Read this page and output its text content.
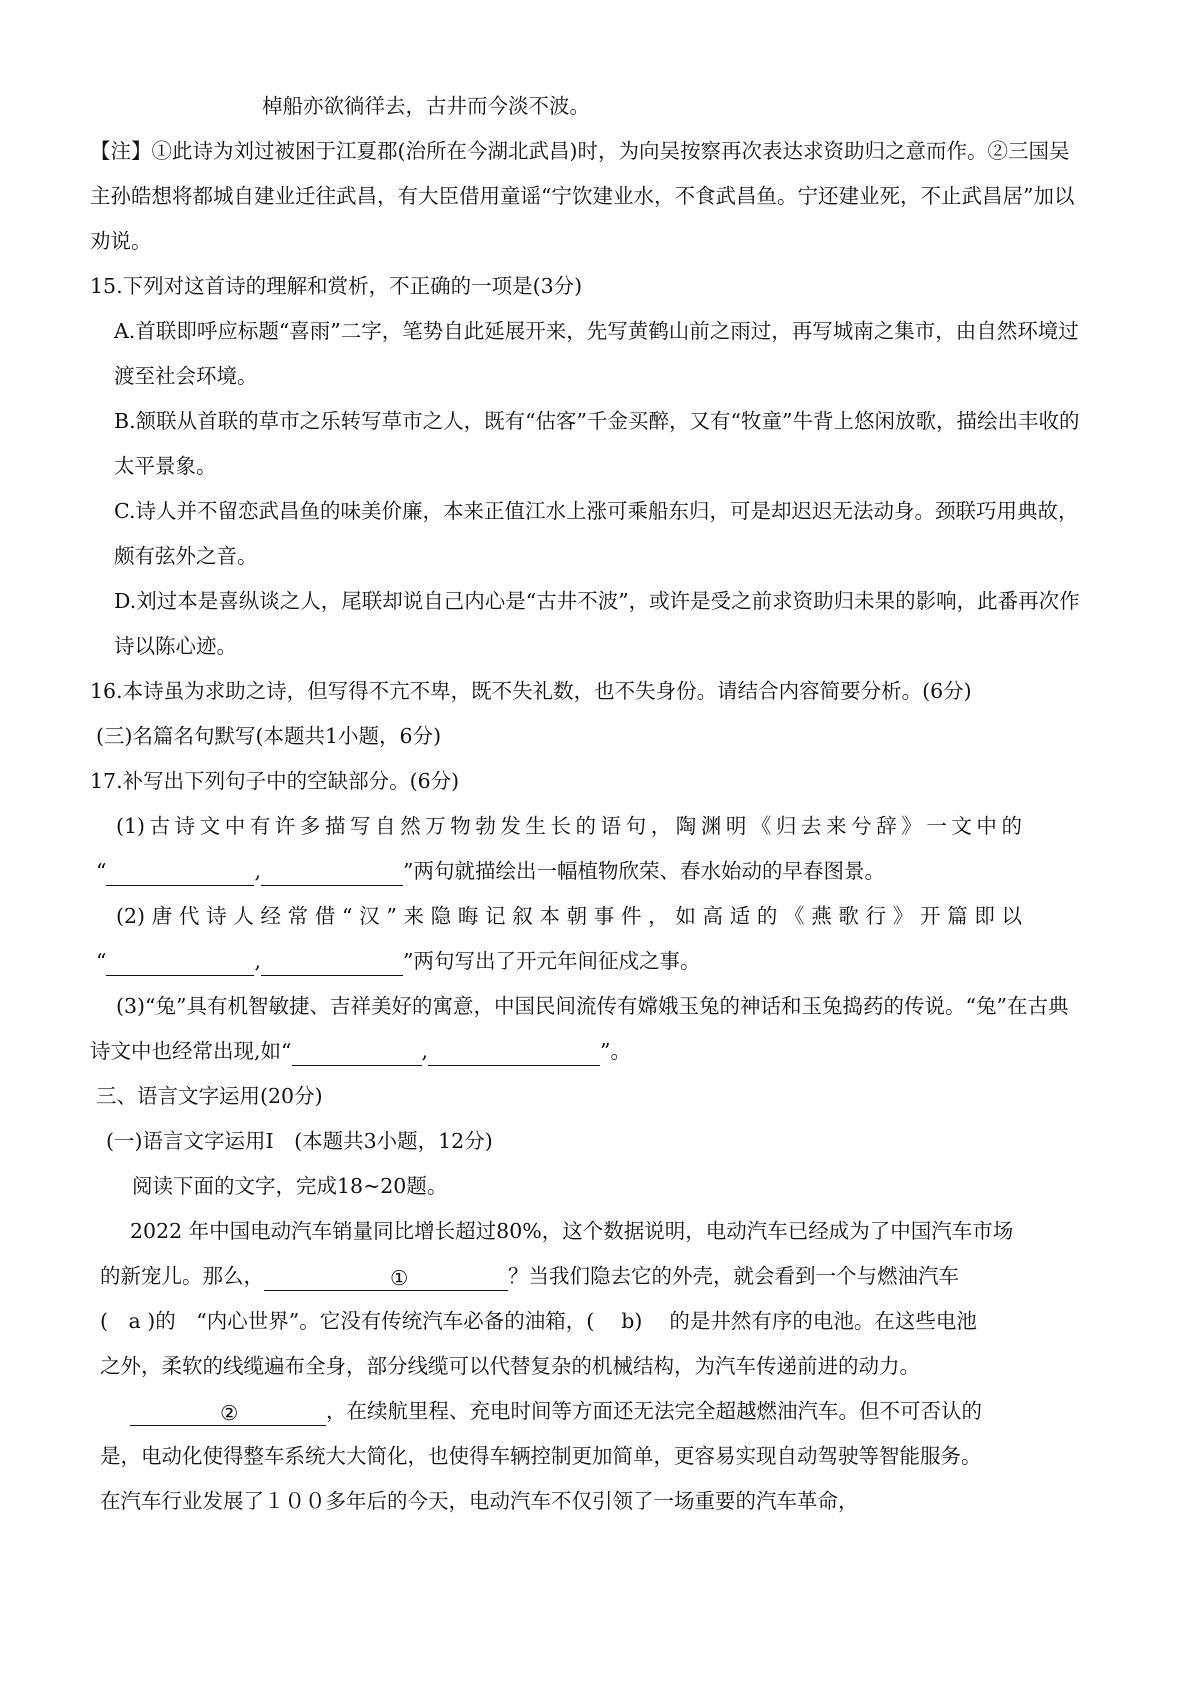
棹船亦欲徜徉去，古井而今淡不波。
【注】①此诗为刘过被困于江夏郡(治所在今湖北武昌)时，为向吴按察再次表达求资助归之意而作。②三国吴
主孙皓想将都城自建业迁往武昌，有大臣借用童谣“宁饮建业水，不食武昌鱼。宁还建业死，不止武昌居”加以
劝说。
15.下列对这首诗的理解和赏析，不正确的一项是(3分)
A.首联即呼应标题“喜雨”二字，笔势自此延展开来，先写黄鹤山前之雨过，再写城南之集市，由自然环境过
渡至社会环境。
B.颔联从首联的草市之乐转写草市之人，既有“估客”千金买醉，又有“牧童”牛背上悠闲放歌，描绘出丰收的
太平景象。
C.诗人并不留恋武昌鱼的味美价廉，本来正值江水上涨可乘船东归，可是却迟迟无法动身。颈联巧用典故，
颇有弦外之音。
D.刘过本是喜纵谈之人，尾联却说自己内心是“古井不波”，或许是受之前求资助归未果的影响，此番再次作
诗以陈心迹。
16.本诗虽为求助之诗，但写得不亢不卑，既不失礼数，也不失身份。请结合内容简要分析。(6分)
(三)名篇名句默写(本题共1小题，6分)
17.补写出下列句子中的空缺部分。(6分)
(1)古诗文中有许多描写自然万物勃发生长的语句，陶渊明《归去来兮辞》一文中的
“	,	”两句就描绘出一幅植物欣荣、春水始动的早春图景。
(2)唐代诗人经常借“汉”来隐晦记叙本朝事件，如高适的《燕歌行》开篇即以
“	,	”两句写出了开元年间征戍之事。
(3)“兔”具有机智敏捷、吉祥美好的寓意，中国民间流传有嫦娥玉兔的神话和玉兔捣药的传说。“兔”在古典
诗文中也经常出现,如“	,	”。
三、语言文字运用(20分)
(一)语言文字运用Ⅰ　(本题共3小题，12分)
阅读下面的文字，完成18~20题。
2022 年中国电动汽车销量同比增长超过80%，这个数据说明，电动汽车已经成为了中国汽车市场
的新宠儿。那么，	①	？当我们隐去它的外壳，就会看到一个与燃油汽车
(　a )的　“内心世界”。它没有传统汽车必备的油箱，(　 b)　 的是井然有序的电池。在这些电池
之外，柔软的线缆遍布全身，部分线缆可以代替复杂的机械结构，为汽车传递前进的动力。
②	，在续航里程、充电时间等方面还无法完全超越燃油汽车。但不可否认的
是，电动化使得整车系统大大简化，也使得车辆控制更加简单，更容易实现自动驾驶等智能服务。
在汽车行业发展了１００多年后的今天，电动汽车不仅引领了一场重要的汽车革命，
